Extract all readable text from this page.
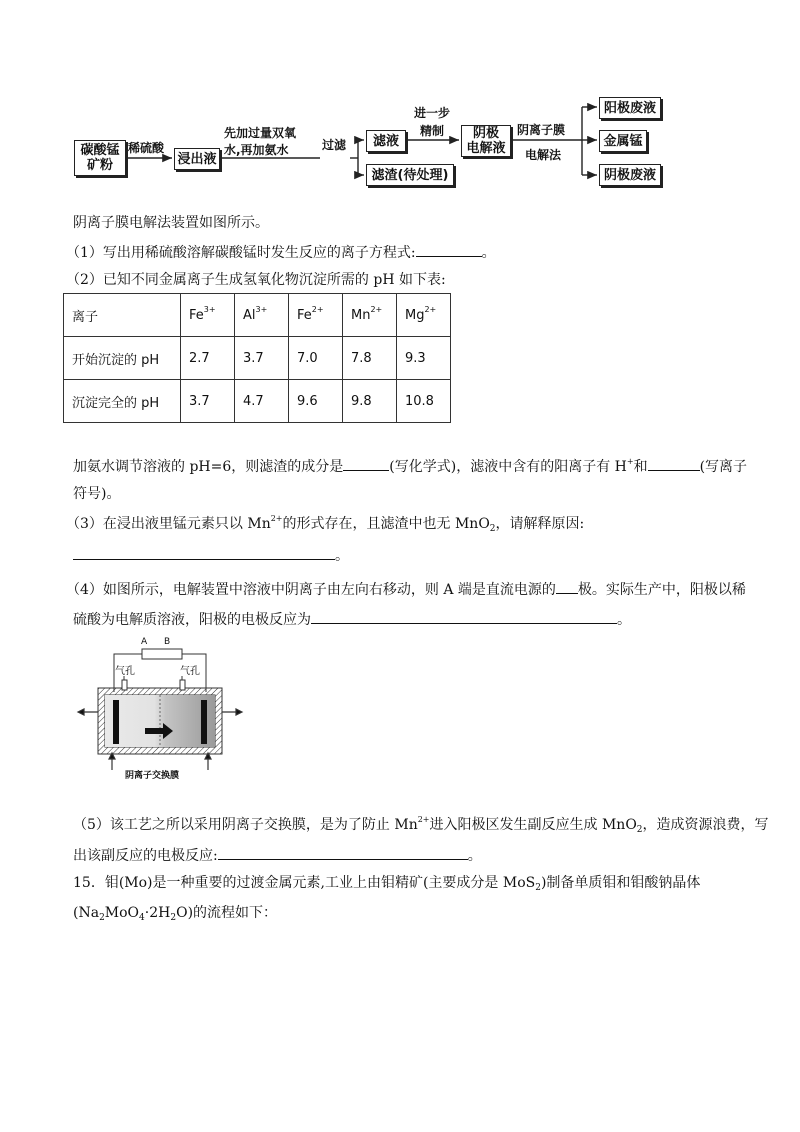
碳酸锰矿粉
稀硫酸
浸出液
先加过量双氧
水,再加氨水	过滤 滤液
滤渣(待处理)
进一步
精制	阴极
电解液
阴离子膜
电解法
阳极废液
金属锰
阴极废液
阴离子膜电解法装置如图所示。
（1）写出用稀硫酸溶解碳酸锰时发生反应的离子方程式:	。
（2）已知不同金属离子生成氢氧化物沉淀所需的 pH 如下表:
离子	$Fe^{3+}$	$Al^{3+}$	$Fe^{2+}$	$Mn^{2+}$	$Mg^{2+}$
开始沉淀的 pH	2.7	3.7	7.0	7.8	9.3
沉淀完全的 pH	3.7	4.7	9.6	9.8	10.8
加氨水调节溶液的 pH=6，则滤渣的成分是	(写化学式)，滤液中含有的阳离子有 H+和	(写离子
符号)。
（3）在浸出液里锰元素只以 $Mn^{2+}$的形式存在，且滤渣中也无 MnO$_2$，请解释原因:
。
（4）如图所示，电解装置中溶液中阴离子由左向右移动，则 A 端是直流电源的 极。实际生产中，阳极以稀
硫酸为电解质溶液，阳极的电极反应为	。
A B
气孔	气孔
阴离子交换膜
（5）该工艺之所以采用阴离子交换膜，是为了防止 $Mn^{2+}$进入阳极区发生副反应生成 MnO$_2$，造成资源浪费，写
出该副反应的电极反应:	。
15．钼(Mo)是一种重要的过渡金属元素,工业上由钼精矿(主要成分是 MoS$_2$)制备单质钼和钼酸钠晶体
$(Na_2MoO_4\cdot 2H_2O)$的流程如下：
